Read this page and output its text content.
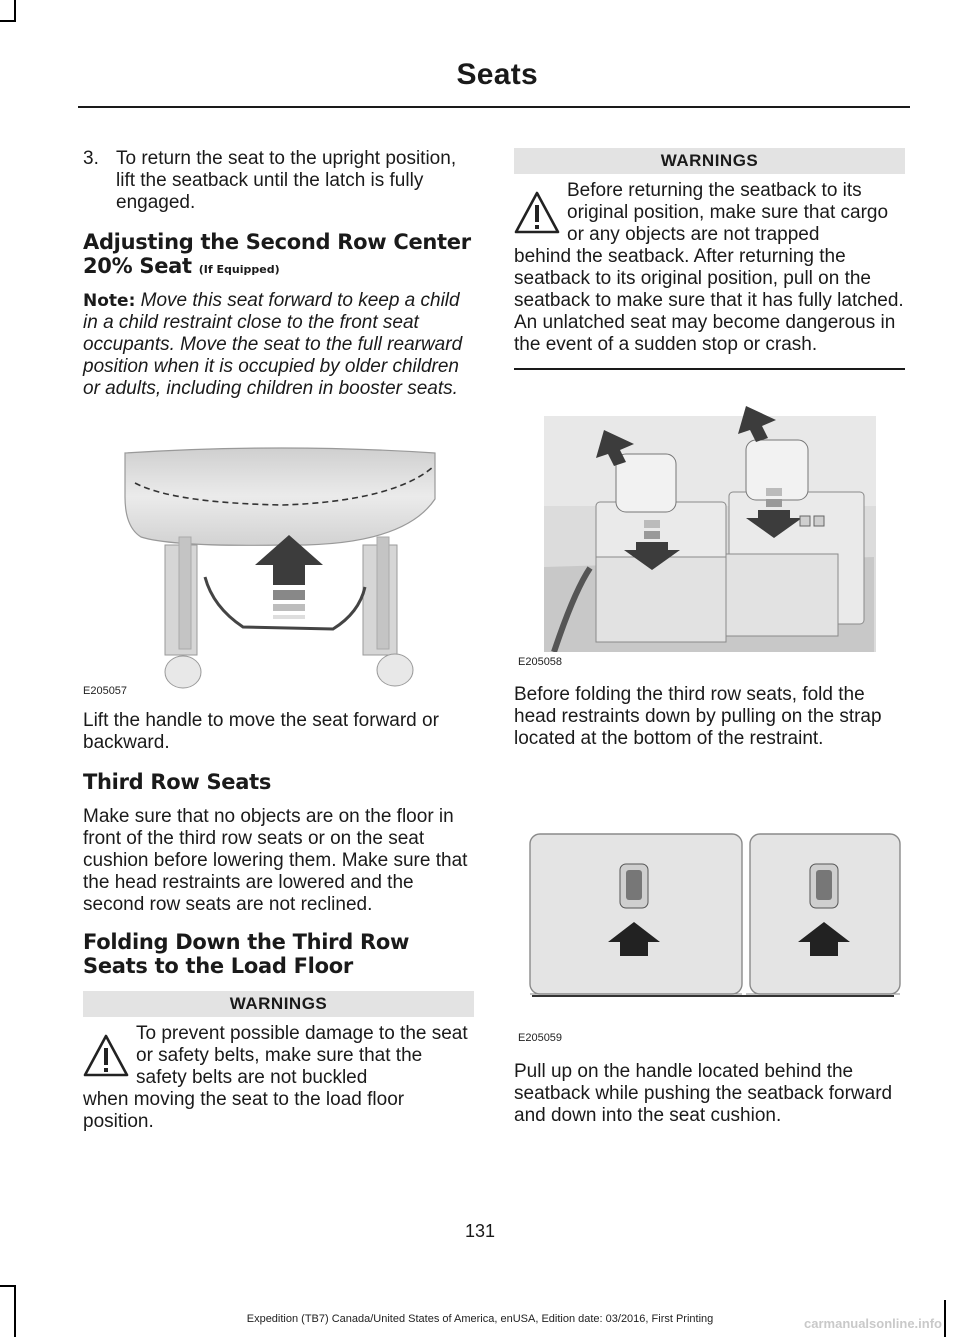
Seats
3. To return the seat to the upright position, lift the seatback until the latch is fully engaged.

Adjusting the Second Row Center 20% Seat (If Equipped)

Note: Move this seat forward to keep a child in a child restraint close to the front seat occupants. Move the seat to the full rearward position when it is occupied by older children or adults, including children in booster seats.

E205057

Lift the handle to move the seat forward or backward.

Third Row Seats

Make sure that no objects are on the floor in front of the third row seats or on the seat cushion before lowering them. Make sure that the head restraints are lowered and the second row seats are not reclined.

Folding Down the Third Row Seats to the Load Floor
WARNINGS

To prevent possible damage to the seat or safety belts, make sure that the safety belts are not buckled

when moving the seat to the load floor position.

WARNINGS

Before returning the seatback to its original position, make sure that cargo or any objects are not trapped

behind the seatback. After returning the seatback to its original position, pull on the seatback to make sure that it has fully latched. An unlatched seat may become dangerous in the event of a sudden stop or crash.

E205058

Before folding the third row seats, fold the head restraints down by pulling on the strap located at the bottom of the restraint.

E205059

Pull up on the handle located behind the seatback while pushing the seatback forward and down into the seat cushion.

131
Expedition (TB7) Canada/United States of America, enUSA, Edition date: 03/2016, First Printing	carmanualsonline.info
